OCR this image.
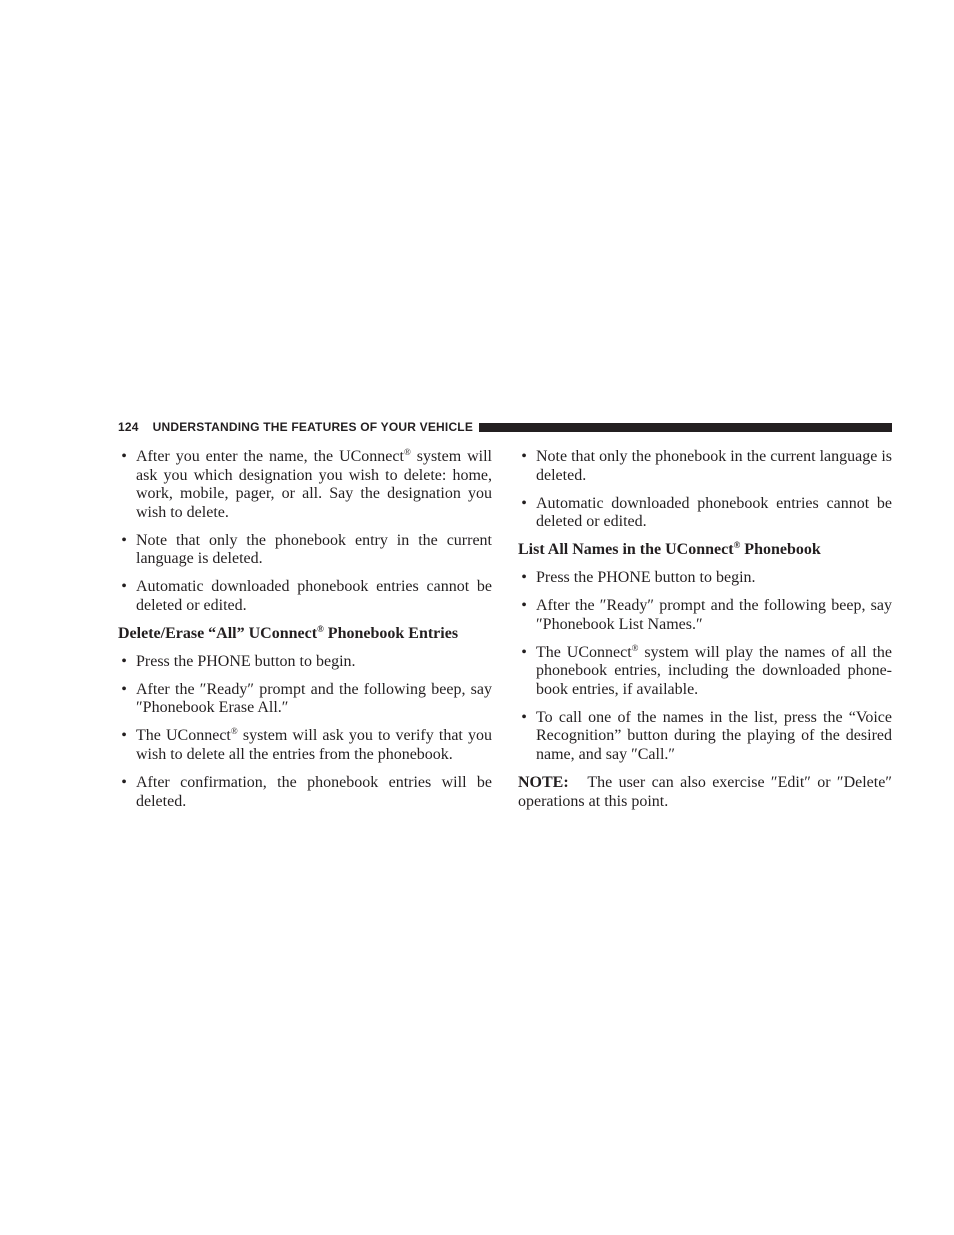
124 UNDERSTANDING THE FEATURES OF YOUR VEHICLE
• After you enter the name, the UConnect® system will ask you which designation you wish to delete: home, work, mobile, pager, or all. Say the designation you wish to delete.
• Note that only the phonebook entry in the current language is deleted.
• Automatic downloaded phonebook entries cannot be deleted or edited.
Delete/Erase “All” UConnect® Phonebook Entries
• Press the PHONE button to begin.
• After the ″Ready″ prompt and the following beep, say ″Phonebook Erase All.″
• The UConnect® system will ask you to verify that you wish to delete all the entries from the phonebook.
• After confirmation, the phonebook entries will be deleted.
• Note that only the phonebook in the current language is deleted.
• Automatic downloaded phonebook entries cannot be deleted or edited.
List All Names in the UConnect® Phonebook
• Press the PHONE button to begin.
• After the ″Ready″ prompt and the following beep, say ″Phonebook List Names.″
• The UConnect® system will play the names of all the phonebook entries, including the downloaded phone-book entries, if available.
• To call one of the names in the list, press the “Voice Recognition” button during the playing of the desired name, and say ″Call.″
NOTE: The user can also exercise ″Edit″ or ″Delete″ operations at this point.
